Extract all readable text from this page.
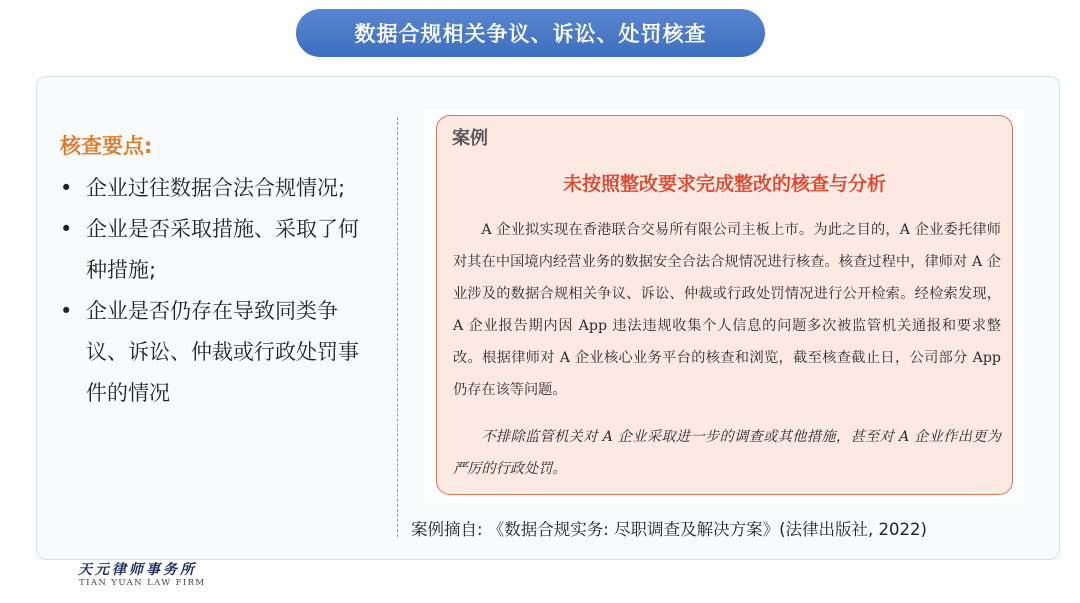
数据合规相关争议、诉讼、处罚核查
核查要点:
• 企业过往数据合法合规情况;
• 企业是否采取措施、采取了何种措施;
• 企业是否仍存在导致同类争议、诉讼、仲裁或行政处罚事件的情况
案例
未按照整改要求完成整改的核查与分析

A 企业拟实现在香港联合交易所有限公司主板上市。为此之目的，A 企业委托律师对其在中国境内经营业务的数据安全合法合规情况进行核查。核查过程中，律师对 A 企业涉及的数据合规相关争议、诉讼、仲裁或行政处罚情况进行公开检索。经检索发现，A 企业报告期内因 App 违法违规收集个人信息的问题多次被监管机关通报和要求整改。根据律师对 A 企业核心业务平台的核查和浏览，截至核查截止日，公司部分 App 仍存在该等问题。

不排除监管机关对 A 企业采取进一步的调查或其他措施，甚至对 A 企业作出更为严厉的行政处罚。

案例摘自: 《数据合规实务: 尽职调查及解决方案》(法律出版社, 2022)
天元律师事务所
TIAN YUAN LAW FIRM
